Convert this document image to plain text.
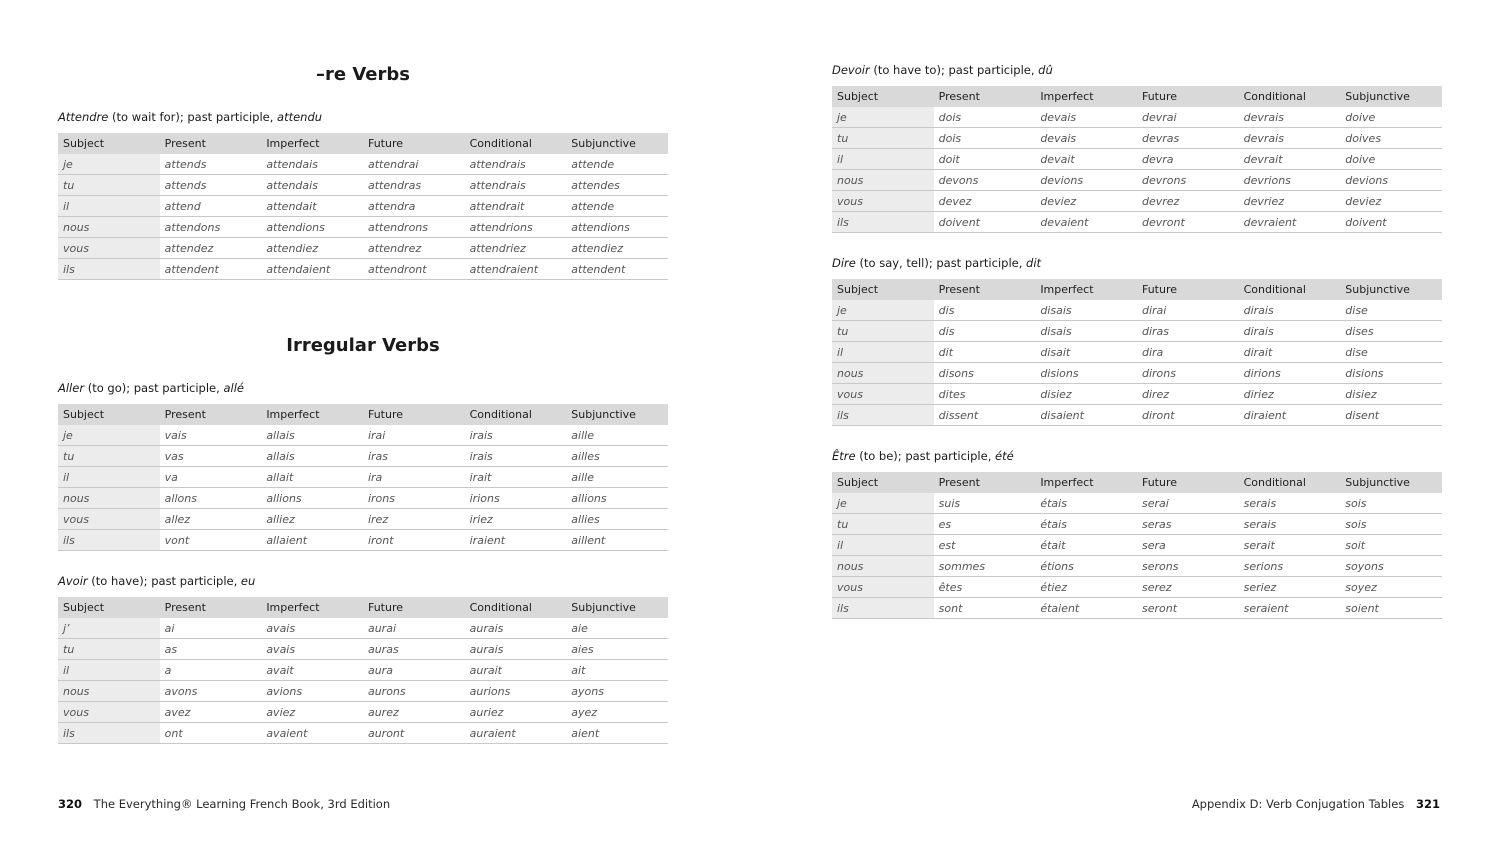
–re Verbs
Attendre (to wait for); past participle, attendu
Subject	Present	Imperfect	Future	Conditional	Subjunctive
je	attends	attendais	attendrai	attendrais	attende
tu	attends	attendais	attendras	attendrais	attendes
il	attend	attendait	attendra	attendrait	attende
nous	attendons	attendions	attendrons	attendrions	attendions
vous	attendez	attendiez	attendrez	attendriez	attendiez
ils	attendent	attendaient	attendront	attendraient	attendent
Irregular Verbs
Aller (to go); past participle, allé
Subject	Present	Imperfect	Future	Conditional	Subjunctive
je	vais	allais	irai	irais	aille
tu	vas	allais	iras	irais	ailles
il	va	allait	ira	irait	aille
nous	allons	allions	irons	irions	allions
vous	allez	alliez	irez	iriez	allies
ils	vont	allaient	iront	iraient	aillent
Avoir (to have); past participle, eu
Subject	Present	Imperfect	Future	Conditional	Subjunctive
j’	ai	avais	aurai	aurais	aie
tu	as	avais	auras	aurais	aies
il	a	avait	aura	aurait	ait
nous	avons	avions	aurons	aurions	ayons
vous	avez	aviez	aurez	auriez	ayez
ils	ont	avaient	auront	auraient	aient
320 The Everything® Learning French Book, 3rd Edition
Devoir (to have to); past participle, dû
Subject	Present	Imperfect	Future	Conditional	Subjunctive
je	dois	devais	devrai	devrais	doive
tu	dois	devais	devras	devrais	doives
il	doit	devait	devra	devrait	doive
nous	devons	devions	devrons	devrions	devions
vous	devez	deviez	devrez	devriez	deviez
ils	doivent	devaient	devront	devraient	doivent
Dire (to say, tell); past participle, dit
Subject	Present	Imperfect	Future	Conditional	Subjunctive
je	dis	disais	dirai	dirais	dise
tu	dis	disais	diras	dirais	dises
il	dit	disait	dira	dirait	dise
nous	disons	disions	dirons	dirions	disions
vous	dites	disiez	direz	diriez	disiez
ils	dissent	disaient	diront	diraient	disent
Être (to be); past participle, été
Subject	Present	Imperfect	Future	Conditional	Subjunctive
je	suis	étais	serai	serais	sois
tu	es	étais	seras	serais	sois
il	est	était	sera	serait	soit
nous	sommes	étions	serons	serions	soyons
vous	êtes	étiez	serez	seriez	soyez
ils	sont	étaient	seront	seraient	soient
Appendix D: Verb Conjugation Tables 321
